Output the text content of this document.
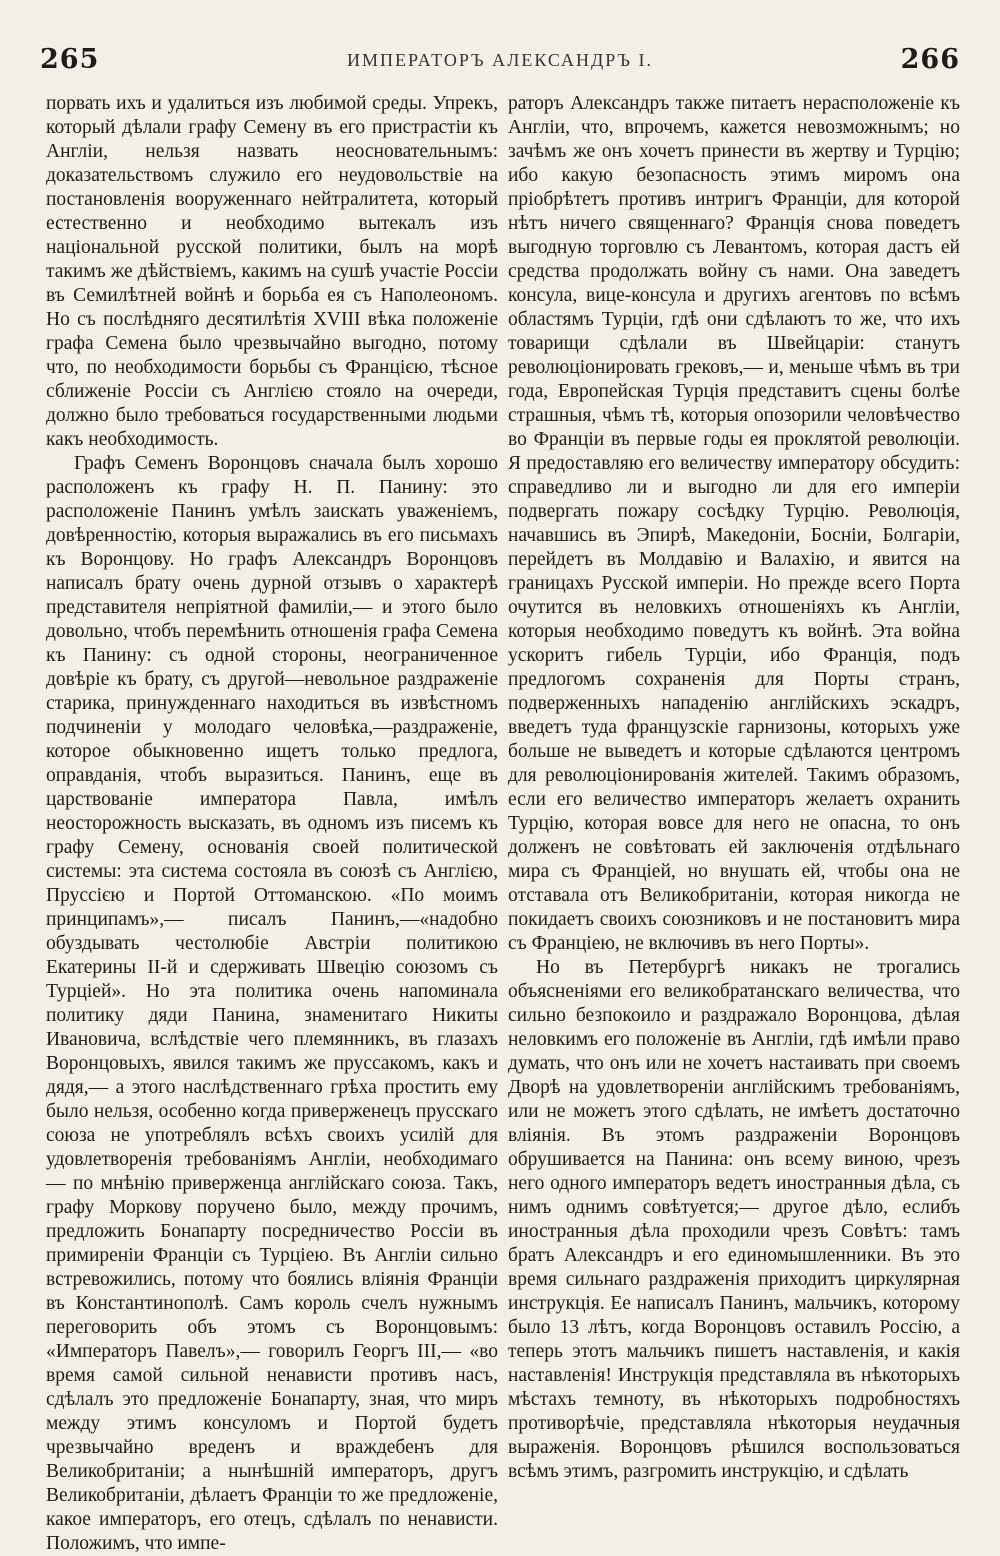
265	ИМПЕРАТОРЪ АЛЕКСАНДРЪ I.	266

порвать ихъ и удалиться изъ любимой среды. Упрекъ, который дѣлали графу Семену въ его пристрастіи къ Англіи, нельзя назвать неосновательнымъ: доказательствомъ служило его неудовольствіе на постановленія вооруженнаго нейтралитета, который естественно и необходимо вытекалъ изъ національной русской политики, былъ на морѣ такимъ же дѣйствіемъ, какимъ на сушѣ участіе Россіи въ Семилѣтней войнѣ и борьба ея съ Наполеономъ. Но съ послѣдняго десятилѣтія XVIII вѣка положеніе графа Семена было чрезвычайно выгодно, потому что, по необходимости борьбы съ Францією, тѣсное сближеніе Россіи съ Англією стояло на очереди, должно было требоваться государственными людьми какъ необходимость.

Графъ Семенъ Воронцовъ сначала былъ хорошо расположенъ къ графу Н. П. Панину: это расположеніе Панинъ умѣлъ заискать уваженіемъ, довѣренностію, которыя выражались въ его письмахъ къ Воронцову. Но графъ Александръ Воронцовъ написалъ брату очень дурной отзывъ о характерѣ представителя непріятной фамиліи,— и этого было довольно, чтобъ перемѣнить отношенія графа Семена къ Панину: съ одной стороны, неограниченное довѣріе къ брату, съ другой—невольное раздраженіе старика, принужденнаго находиться въ извѣстномъ подчиненіи у молодаго человѣка,—раздраженіе, которое обыкновенно ищетъ только предлога, оправданія, чтобъ выразиться. Панинъ, еще въ царствованіе императора Павла, имѣлъ неосторожность высказать, въ одномъ изъ писемъ къ графу Семену, основанія своей политической системы: эта система состояла въ союзѣ съ Англією, Пруссією и Портой Оттоманскою. «По моимъ принципамъ»,— писалъ Панинъ,—«надобно обуздывать честолюбіе Австріи политикою Екатерины II-й и сдерживать Швецію союзомъ съ Турціей». Но эта политика очень напоминала политику дяди Панина, знаменитаго Никиты Ивановича, вслѣдствіе чего племянникъ, въ глазахъ Воронцовыхъ, явился такимъ же пруссакомъ, какъ и дядя,— а этого наслѣдственнаго грѣха простить ему было нельзя, особенно когда приверженецъ прусскаго союза не употреблялъ всѣхъ своихъ усилій для удовлетворенія требованіямъ Англіи, необходимаго — по мнѣнію приверженца англійскаго союза. Такъ, графу Моркову поручено было, между прочимъ, предложить Бонапарту посредничество Россіи въ примиреніи Франціи съ Турціею. Въ Англіи сильно встревожились, потому что боялись вліянія Франціи въ Константинополѣ. Самъ король счелъ нужнымъ переговорить объ этомъ съ Воронцовымъ: «Императоръ Павелъ»,— говорилъ Георгъ III,— «во время самой сильной ненависти противъ насъ, сдѣлалъ это предложеніе Бонапарту, зная, что миръ между этимъ консуломъ и Портой будетъ чрезвычайно вреденъ и враждебенъ для Великобританіи; а нынѣшній императоръ, другъ Великобританіи, дѣлаетъ Франціи то же предложеніе, какое императоръ, его отецъ, сдѣлалъ по ненависти. Положимъ, что импе-

раторъ Александръ также питаетъ нерасположеніе къ Англіи, что, впрочемъ, кажется невозможнымъ; но зачѣмъ же онъ хочетъ принести въ жертву и Турцію; ибо какую безопасность этимъ миромъ она пріобрѣтетъ противъ интригъ Франціи, для которой нѣтъ ничего священнаго? Франція снова поведетъ выгодную торговлю съ Левантомъ, которая дастъ ей средства продолжать войну съ нами. Она заведетъ консула, вице-консула и другихъ агентовъ по всѣмъ областямъ Турціи, гдѣ они сдѣлаютъ то же, что ихъ товарищи сдѣлали въ Швейцаріи: станутъ революціонировать грековъ,— и, меньше чѣмъ въ три года, Европейская Турція представитъ сцены болѣе страшныя, чѣмъ тѣ, которыя опозорили человѣчество во Франціи въ первые годы ея проклятой революціи. Я предоставляю его величеству императору обсудить: справедливо ли и выгодно ли для его имперіи подвергать пожару сосѣдку Турцію. Революція, начавшись въ Эпирѣ, Македоніи, Босніи, Болгаріи, перейдетъ въ Молдавію и Валахію, и явится на границахъ Русской имперіи. Но прежде всего Порта очутится въ неловкихъ отношеніяхъ къ Англіи, которыя необходимо поведутъ къ войнѣ. Эта война ускоритъ гибель Турціи, ибо Франція, подъ предлогомъ сохраненія для Порты странъ, подверженныхъ нападенію англійскихъ эскадръ, введетъ туда французскіе гарнизоны, которыхъ уже больше не выведетъ и которые сдѣлаются центромъ для революціонированія жителей. Такимъ образомъ, если его величество императоръ желаетъ охранить Турцію, которая вовсе для него не опасна, то онъ долженъ не совѣтовать ей заключенія отдѣльнаго мира съ Франціей, но внушать ей, чтобы она не отставала отъ Великобританіи, которая никогда не покидаетъ своихъ союзниковъ и не постановитъ мира съ Франціею, не включивъ въ него Порты».

Но въ Петербургѣ никакъ не трогались объясненіями его великобратанскаго величества, что сильно безпокоило и раздражало Воронцова, дѣлая неловкимъ его положеніе въ Англіи, гдѣ имѣли право думать, что онъ или не хочетъ настаивать при своемъ Дворѣ на удовлетвореніи англійскимъ требованіямъ, или не можетъ этого сдѣлать, не имѣетъ достаточно вліянія. Въ этомъ раздраженіи Воронцовъ обрушивается на Панина: онъ всему виною, чрезъ него одного императоръ ведетъ иностранныя дѣла, съ нимъ однимъ совѣтуется;— другое дѣло, еслибъ иностранныя дѣла проходили чрезъ Совѣтъ: тамъ братъ Александръ и его единомышленники. Въ это время сильнаго раздраженія приходитъ циркулярная инструкція. Ее написалъ Панинъ, мальчикъ, которому было 13 лѣтъ, когда Воронцовъ оставилъ Россію, а теперь этотъ мальчикъ пишетъ наставленія, и какія наставленія! Инструкція представляла въ нѣкоторыхъ мѣстахъ темноту, въ нѣкоторыхъ подробностяхъ противорѣчіе, представляла нѣкоторыя неудачныя выраженія. Воронцовъ рѣшился воспользоваться всѣмъ этимъ, разгромить инструкцію, и сдѣлать
